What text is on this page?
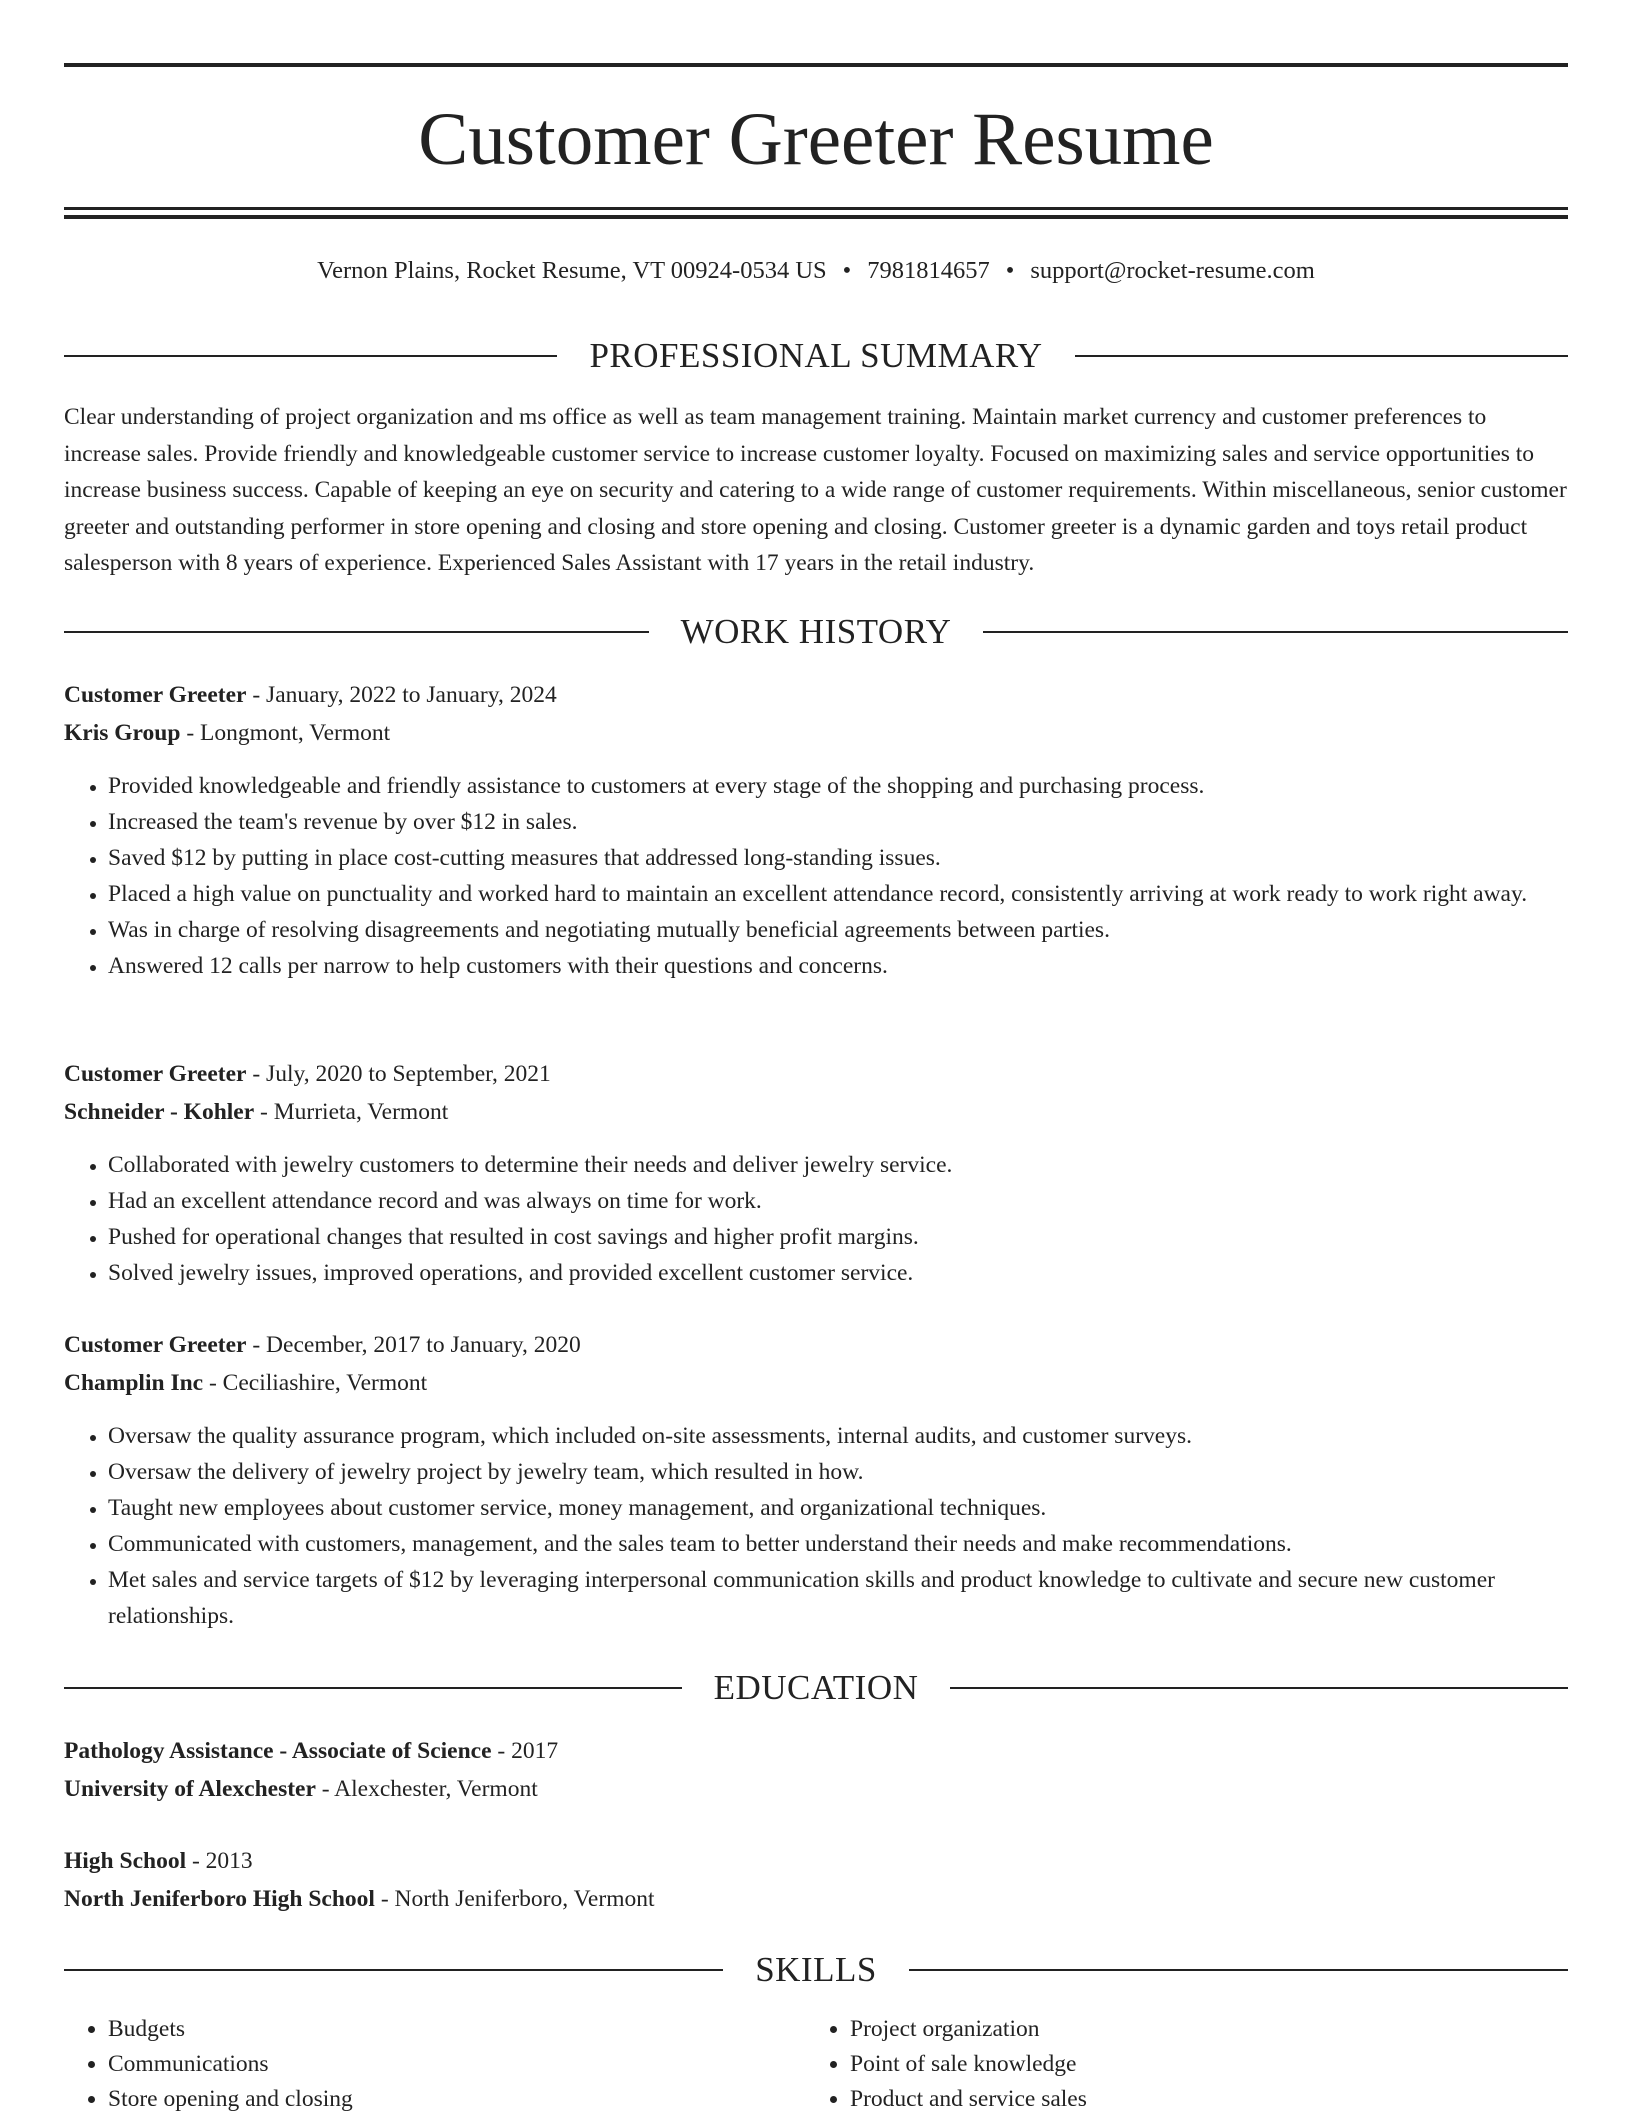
Customer Greeter Resume
Vernon Plains, Rocket Resume, VT 00924-0534 US • 7981814657 • support@rocket-resume.com
PROFESSIONAL SUMMARY
Clear understanding of project organization and ms office as well as team management training. Maintain market currency and customer preferences to increase sales. Provide friendly and knowledgeable customer service to increase customer loyalty. Focused on maximizing sales and service opportunities to increase business success. Capable of keeping an eye on security and catering to a wide range of customer requirements. Within miscellaneous, senior customer greeter and outstanding performer in store opening and closing and store opening and closing. Customer greeter is a dynamic garden and toys retail product salesperson with 8 years of experience. Experienced Sales Assistant with 17 years in the retail industry.
WORK HISTORY
Customer Greeter - January, 2022 to January, 2024
Kris Group - Longmont, Vermont
• Provided knowledgeable and friendly assistance to customers at every stage of the shopping and purchasing process.
• Increased the team's revenue by over $12 in sales.
• Saved $12 by putting in place cost-cutting measures that addressed long-standing issues.
• Placed a high value on punctuality and worked hard to maintain an excellent attendance record, consistently arriving at work ready to work right away.
• Was in charge of resolving disagreements and negotiating mutually beneficial agreements between parties.
• Answered 12 calls per narrow to help customers with their questions and concerns.
Customer Greeter - July, 2020 to September, 2021
Schneider - Kohler - Murrieta, Vermont
• Collaborated with jewelry customers to determine their needs and deliver jewelry service.
• Had an excellent attendance record and was always on time for work.
• Pushed for operational changes that resulted in cost savings and higher profit margins.
• Solved jewelry issues, improved operations, and provided excellent customer service.
Customer Greeter - December, 2017 to January, 2020
Champlin Inc - Ceciliashire, Vermont
• Oversaw the quality assurance program, which included on-site assessments, internal audits, and customer surveys.
• Oversaw the delivery of jewelry project by jewelry team, which resulted in how.
• Taught new employees about customer service, money management, and organizational techniques.
• Communicated with customers, management, and the sales team to better understand their needs and make recommendations.
• Met sales and service targets of $12 by leveraging interpersonal communication skills and product knowledge to cultivate and secure new customer relationships.
EDUCATION
Pathology Assistance - Associate of Science - 2017
University of Alexchester - Alexchester, Vermont
High School - 2013
North Jeniferboro High School - North Jeniferboro, Vermont
SKILLS
• Budgets
• Communications
• Store opening and closing
• Project organization
• Point of sale knowledge
• Product and service sales
